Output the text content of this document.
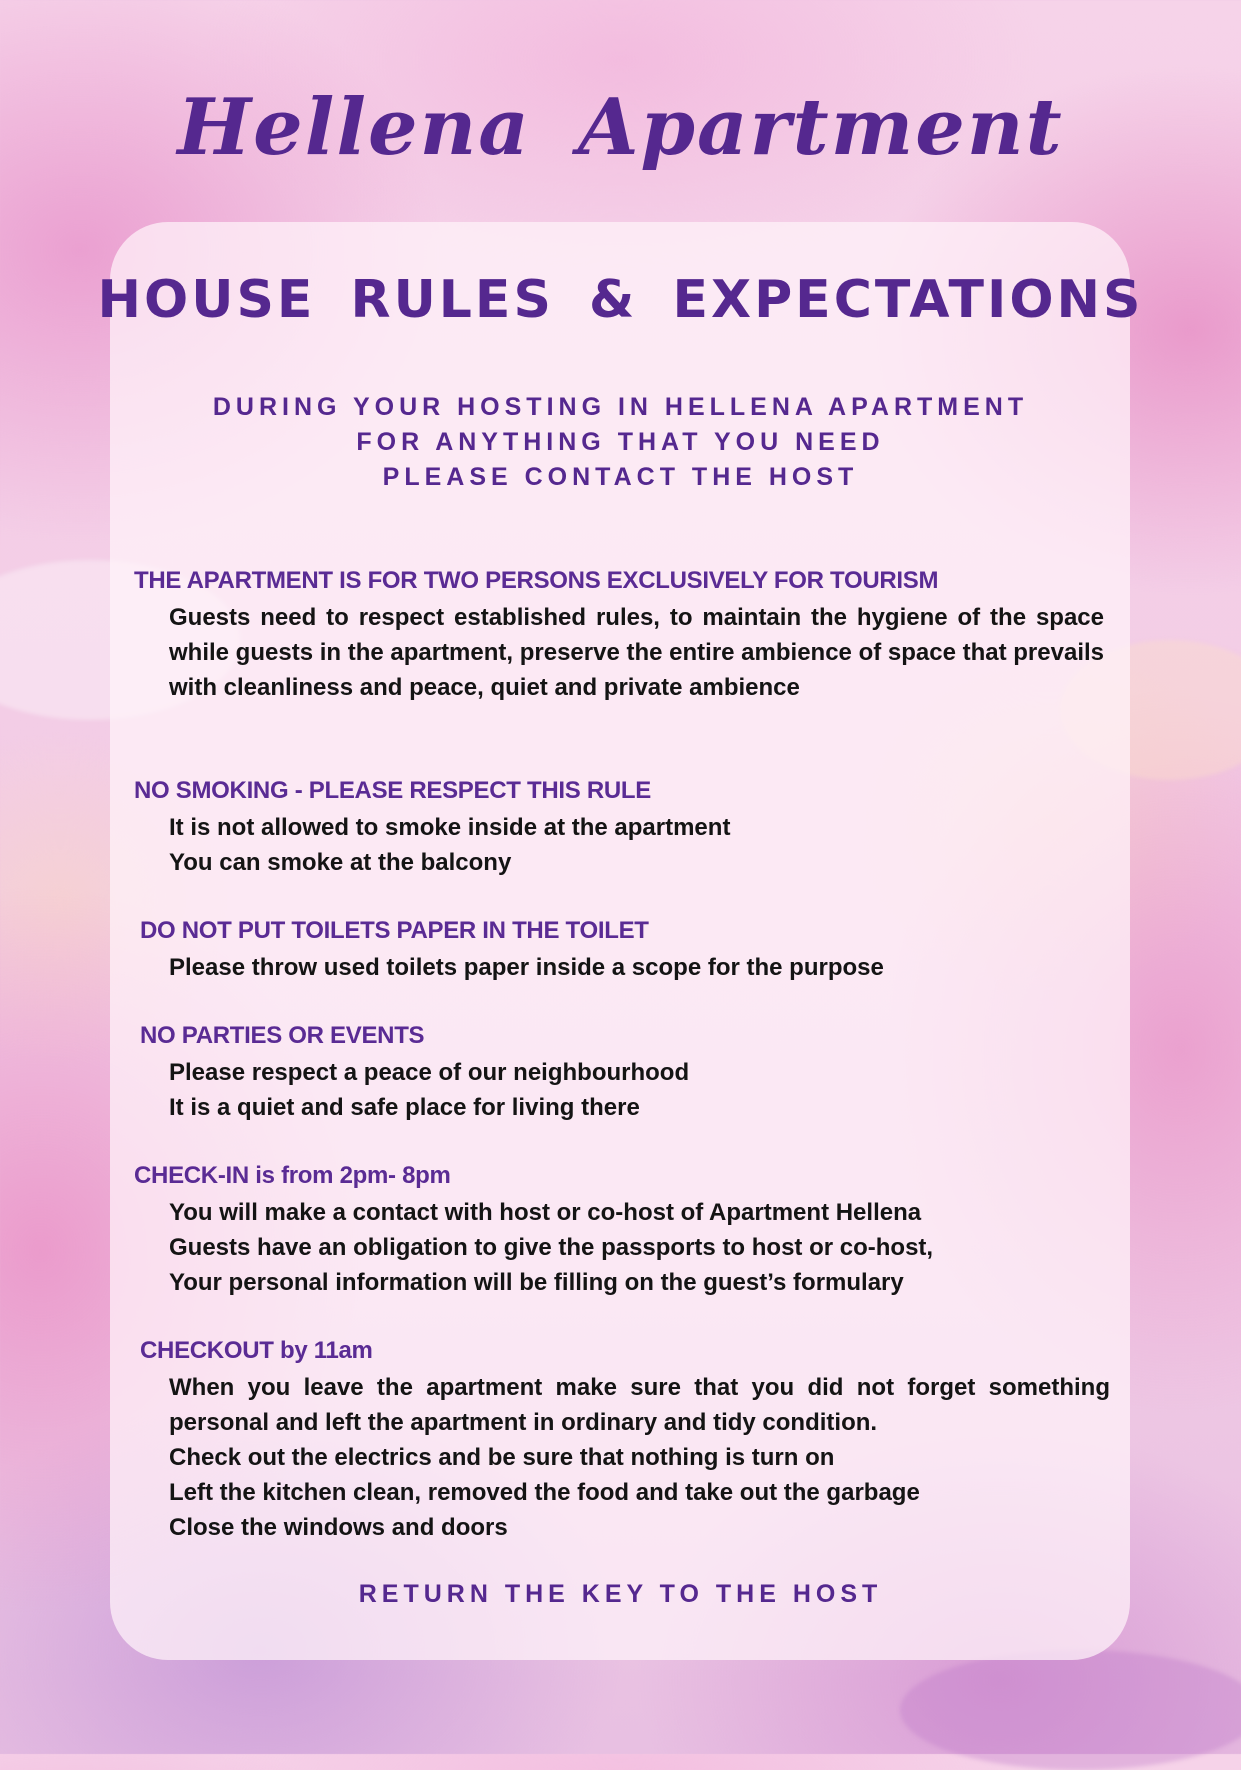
Hellena Apartment
HOUSE RULES & EXPECTATIONS
DURING YOUR HOSTING IN HELLENA APARTMENT
FOR ANYTHING THAT YOU NEED
PLEASE CONTACT THE HOST
THE APARTMENT IS FOR TWO PERSONS EXCLUSIVELY FOR TOURISM

Guests need to respect established rules, to maintain the hygiene of the space while guests in the apartment, preserve the entire ambience of space that prevails with cleanliness and peace, quiet and private ambience

NO SMOKING - PLEASE RESPECT THIS RULE

It is not allowed to smoke inside at the apartment

You can smoke at the balcony

DO NOT PUT TOILETS PAPER IN THE TOILET

Please throw used toilets paper inside a scope for the purpose

NO PARTIES OR EVENTS

Please respect a peace of our neighbourhood

It is a quiet and safe place for living there

CHECK-IN is from 2pm- 8pm

You will make a contact with host or co-host of Apartment Hellena

Guests have an obligation to give the passports to host or co-host,

Your personal information will be filling on the guest’s formulary

CHECKOUT by 11am

When you leave the apartment make sure that you did not forget something personal and left the apartment in ordinary and tidy condition.

Check out the electrics and be sure that nothing is turn on

Left the kitchen clean, removed the food and take out the garbage

Close the windows and doors

RETURN THE KEY TO THE HOST
